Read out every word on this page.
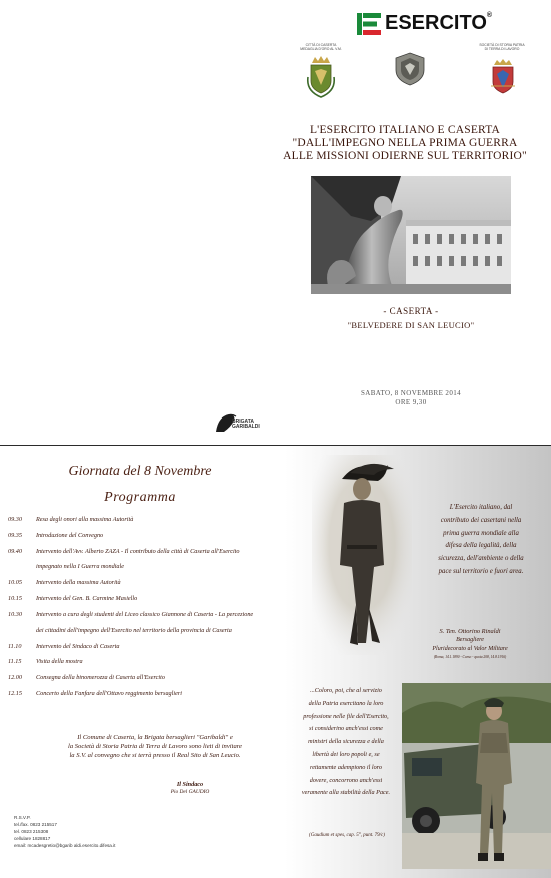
ESERCITO®
CITTÀ DI CASERTA
MEDAGLIA D'ORO AL V.M.
SOCIETÀ DI STORIA PATRIA
DI TERRA DI LAVORO
L'ESERCITO ITALIANO E CASERTA
"DALL'IMPEGNO NELLA PRIMA GUERRA
ALLE MISSIONI ODIERNE SUL TERRITORIO"
- CASERTA -
"BELVEDERE DI SAN LEUCIO"
SABATO, 8 NOVEMBRE 2014
ORE 9,30
BRIGATA
GARIBALDI
Giornata del 8 Novembre
Programma
09.30 Resa degli onori alla massima Autorità
09.35 Introduzione del Convegno
09.40 Intervento dell'Avv. Alberto ZAZA - Il contributo della città di Caserta all'Esercito
impegnato nella I Guerra mondiale
10.05 Intervento della massima Autorità
10.15 Intervento del Gen. B. Carmine Masiello
10.30 Intervento a cura degli studenti del Liceo classico Giannone di Caserta - La percezione
dei cittadini dell'impegno dell'Esercito nel territorio della provincia di Caserta
11.10 Intervento del Sindaco di Caserta
11.15 Visita della mostra
12.00 Consegna della binomerozza di Caserta all'Esercito
12.15 Concerto della Fanfara dell'Ottavo reggimento bersaglieri
Il Comune di Caserta, la Brigata bersaglieri "Garibaldi" e
la Società di Storia Patria di Terra di Lavoro sono lieti di invitare
la S.V. al convegno che si terrà presso il Real Sito di San Leucio.
Il Sindaco
Pio Del GAUDIO
R.S.V.P.
tel./fax. 0823 215517
tel. 0823 215308
cellulare 1828817
email: mcadesgretio@bgarib aldi.esercito.difesa.it
L'Esercito italiano, dal
contributo dei casertani nella
prima guerra mondiale alla
difesa della legalità, della
sicurezza, dell'ambiente o della
pace sul territorio e fuori area.
S. Ten. Ottorino Rinaldi
Bersagliere
Pluridecorato al Valor Militare
(Roma, 14.1.1890 - Carso - quota 208, 14.8.1916)
...Coloro, poi, che al servizio
della Patria esercitano la loro
professione nelle file dell'Esercito,
si considerino anch'essi come
ministri della sicurezza e della
libertà dei loro popoli e, se
rettamente adempiono il loro
dovere, concorrono anch'essi
veramente alla stabilità della Pace.
(Gaudium et spes, cap. 5°, punt. 79/c)
